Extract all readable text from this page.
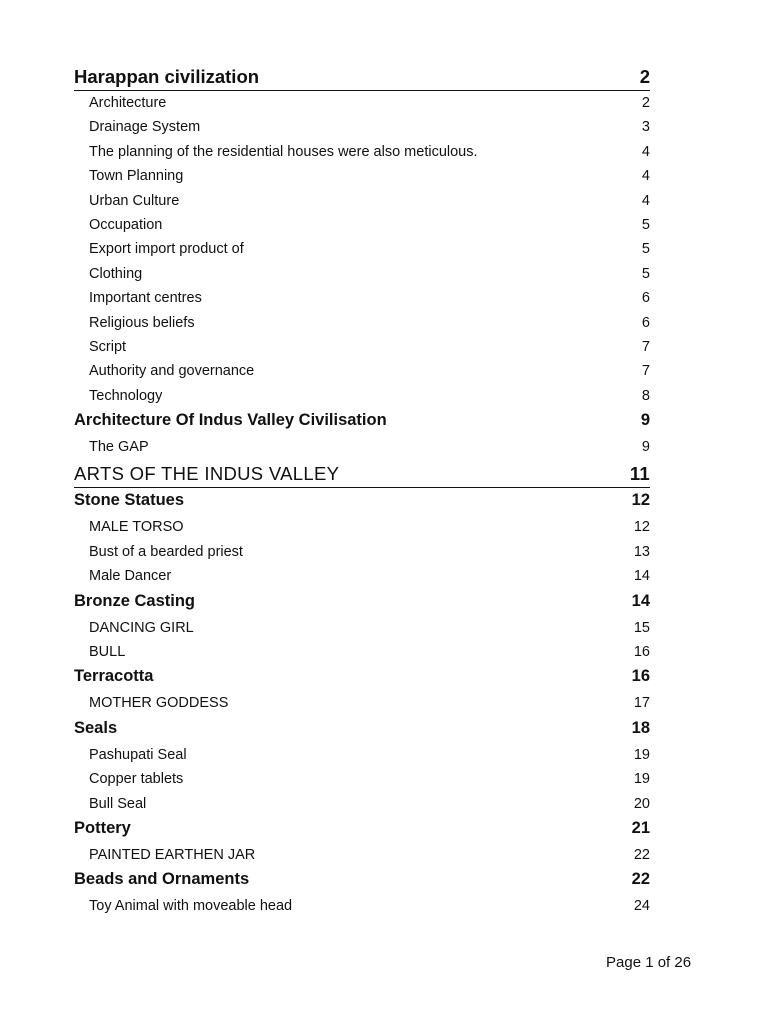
Harappan civilization	2
Architecture	2
Drainage System	3
The planning of the residential houses were also meticulous.	4
Town Planning	4
Urban Culture	4
Occupation	5
Export import product of	5
Clothing	5
Important centres	6
Religious beliefs	6
Script	7
Authority and governance	7
Technology	8
Architecture Of Indus Valley Civilisation	9
The GAP	9
ARTS OF THE INDUS VALLEY	11
Stone Statues	12
MALE TORSO	12
Bust of a bearded priest	13
Male Dancer	14
Bronze Casting	14
DANCING GIRL	15
BULL	16
Terracotta	16
MOTHER GODDESS	17
Seals	18
Pashupati Seal	19
Copper tablets	19
Bull Seal	20
Pottery	21
PAINTED EARTHEN JAR	22
Beads and Ornaments	22
Toy Animal with moveable head	24
Page 1 of 26
